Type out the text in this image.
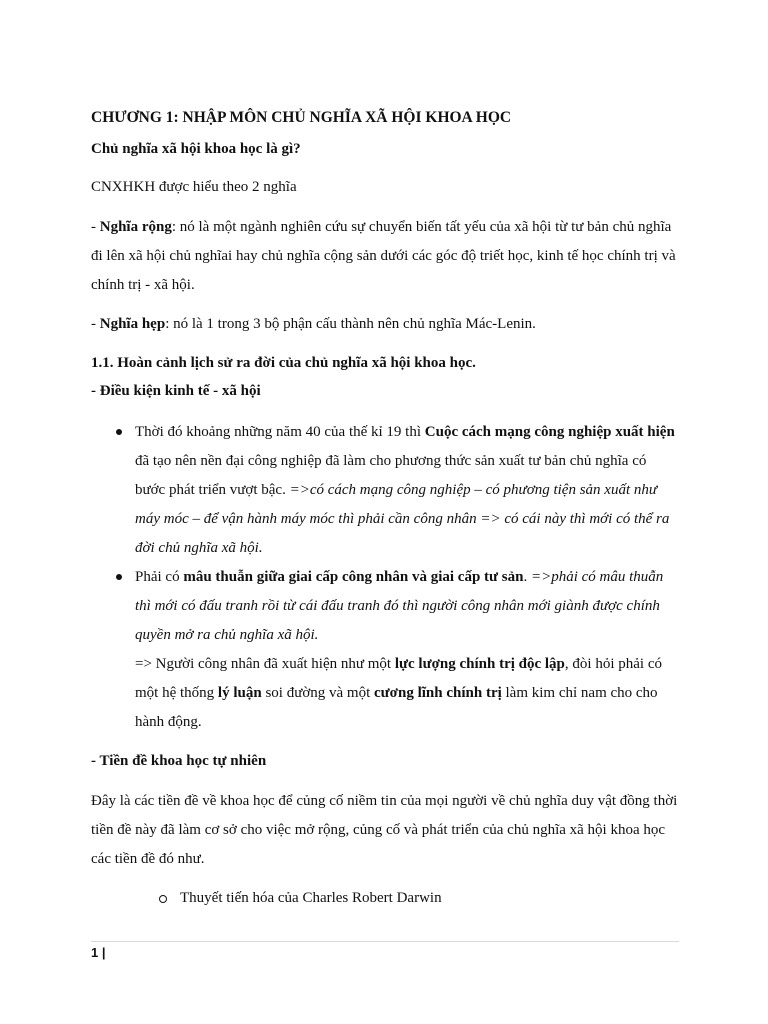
CHƯƠNG 1: NHẬP MÔN CHỦ NGHĨA XÃ HỘI KHOA HỌC
Chủ nghĩa xã hội khoa học là gì?
CNXHKH được hiểu theo 2 nghĩa
- Nghĩa rộng: nó là một ngành nghiên cứu sự chuyển biến tất yếu của xã hội từ tư bản chủ nghĩa đi lên xã hội chủ nghĩai hay chủ nghĩa cộng sản dưới các góc độ triết học, kinh tế học chính trị và chính trị - xã hội.
- Nghĩa hẹp: nó là 1 trong 3 bộ phận cấu thành nên chủ nghĩa Mác-Lenin.
1.1. Hoàn cảnh lịch sử ra đời của chủ nghĩa xã hội khoa học.
- Điều kiện kinh tế - xã hội
Thời đó khoảng những năm 40 của thế kỉ 19 thì Cuộc cách mạng công nghiệp xuất hiện đã tạo nên nền đại công nghiệp đã làm cho phương thức sản xuất tư bản chủ nghĩa có bước phát triển vượt bậc. =>có cách mạng công nghiệp – có phương tiện sản xuất như máy móc – để vận hành máy móc thì phải cần công nhân => có cái này thì mới có thể ra đời chủ nghĩa xã hội.
Phải có mâu thuẫn giữa giai cấp công nhân và giai cấp tư sản. =>phải có mâu thuẫn thì mới có đấu tranh rồi từ cái đấu tranh đó thì người công nhân mới giành được chính quyền mở ra chủ nghĩa xã hội.
=> Người công nhân đã xuất hiện như một lực lượng chính trị độc lập, đòi hỏi phải có một hệ thống lý luận soi đường và một cương lĩnh chính trị làm kim chỉ nam cho cho hành động.
- Tiền đề khoa học tự nhiên
Đây là các tiền đề về khoa học để củng cố niềm tin của mọi người về chủ nghĩa duy vật đồng thời tiền đề này đã làm cơ sở cho việc mở rộng, củng cố và phát triển của chủ nghĩa xã hội khoa học các tiền đề đó như.
Thuyết tiến hóa của Charles Robert Darwin
1 |
